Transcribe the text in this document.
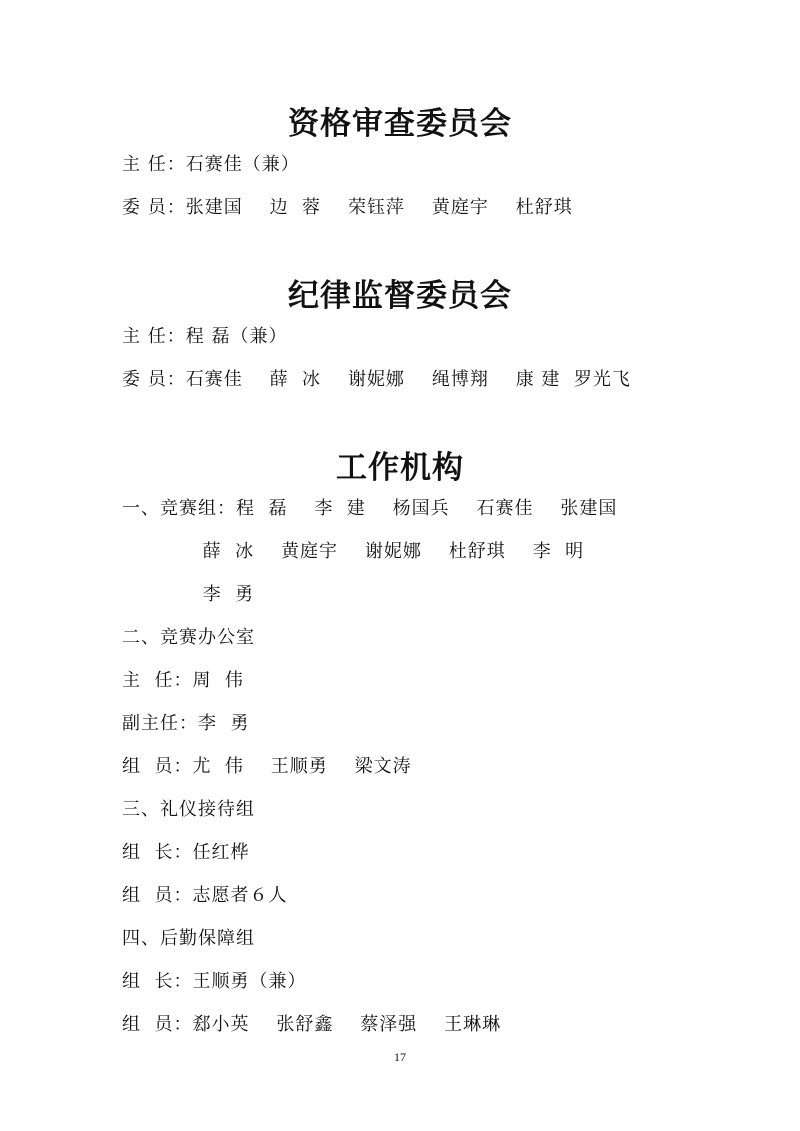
资格审查委员会
主 任：石赛佳（兼）
委 员：张建国    边  蓉    荣钰萍    黄庭宇    杜舒琪
纪律监督委员会
主 任：程 磊（兼）
委 员：石赛佳    薛  冰    谢妮娜    绳博翔    康 建  罗光飞
工作机构
一、竞赛组：程  磊    李  建    杨国兵    石赛佳    张建国
薛  冰    黄庭宇    谢妮娜    杜舒琪    李  明
李  勇
二、竞赛办公室
主  任：周  伟
副主任：李  勇
组  员：尤  伟    王顺勇    梁文涛
三、礼仪接待组
组  长：任红桦
组  员：志愿者６人
四、后勤保障组
组  长：王顺勇（兼）
组  员：郄小英    张舒鑫    蔡泽强    王琳琳
17
